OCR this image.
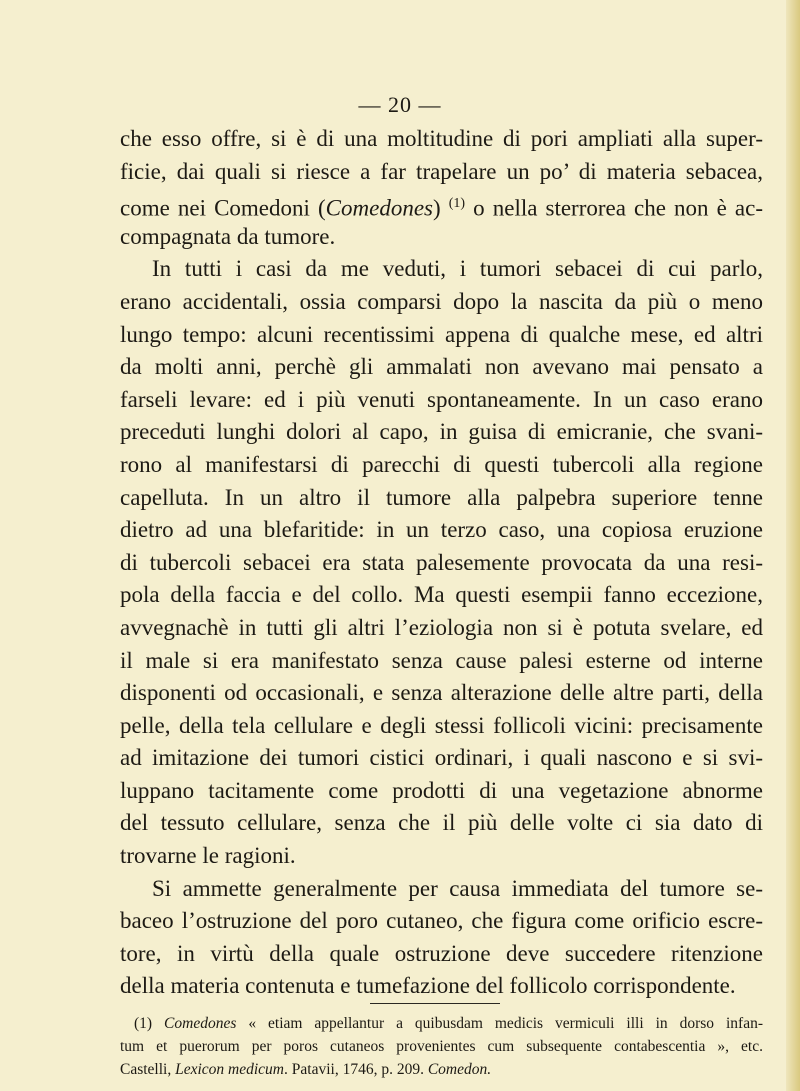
— 20 —
che esso offre, si è di una moltitudine di pori ampliati alla super-
ficie, dai quali si riesce a far trapelare un po’ di materia sebacea,
come nei Comedoni (Comedones) $^{(1)}$ o nella sterrorea che non è ac-
compagnata da tumore.
In tutti i casi da me veduti, i tumori sebacei di cui parlo,
erano accidentali, ossia comparsi dopo la nascita da più o meno
lungo tempo: alcuni recentissimi appena di qualche mese, ed altri
da molti anni, perchè gli ammalati non avevano mai pensato a
farseli levare: ed i più venuti spontaneamente. In un caso erano
preceduti lunghi dolori al capo, in guisa di emicranie, che svani-
rono al manifestarsi di parecchi di questi tubercoli alla regione
capelluta. In un altro il tumore alla palpebra superiore tenne
dietro ad una blefaritide: in un terzo caso, una copiosa eruzione
di tubercoli sebacei era stata palesemente provocata da una resi-
pola della faccia e del collo. Ma questi esempii fanno eccezione,
avvegnachè in tutti gli altri l’eziologia non si è potuta svelare, ed
il male si era manifestato senza cause palesi esterne od interne
disponenti od occasionali, e senza alterazione delle altre parti, della
pelle, della tela cellulare e degli stessi follicoli vicini: precisamente
ad imitazione dei tumori cistici ordinari, i quali nascono e si svi-
luppano tacitamente come prodotti di una vegetazione abnorme
del tessuto cellulare, senza che il più delle volte ci sia dato di
trovarne le ragioni.
Si ammette generalmente per causa immediata del tumore se-
baceo l’ostruzione del poro cutaneo, che figura come orificio escre-
tore, in virtù della quale ostruzione deve succedere ritenzione
della materia contenuta e tumefazione del follicolo corrispondente.
(1) Comedones « etiam appellantur a quibusdam medicis vermiculi illi in dorso infan-
tum et puerorum per poros cutaneos provenientes cum subsequente contabescentia », etc.
Castelli, Lexicon medicum. Patavii, 1746, p. 209. Comedon.
